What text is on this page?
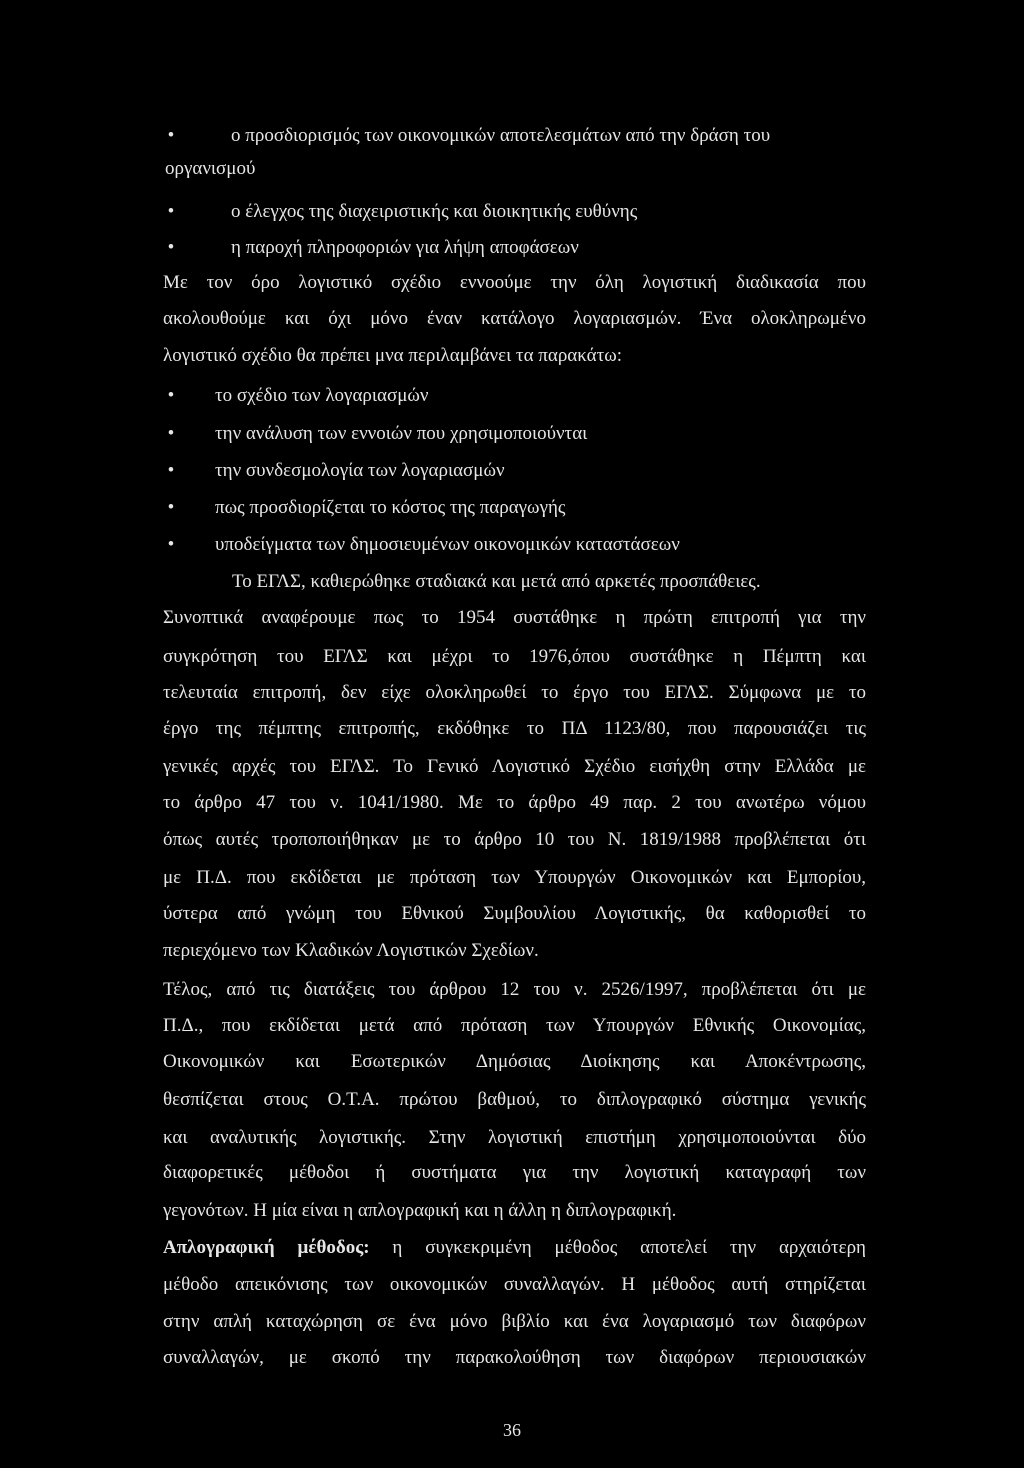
•	ο προσδιορισμός των οικονομικών αποτελεσμάτων από την δράση του
οργανισμού
•	ο έλεγχος της διαχειριστικής και διοικητικής ευθύνης
•	η παροχή πληροφοριών για λήψη αποφάσεων
Με τον όρο λογιστικό σχέδιο εννοούμε την όλη λογιστική διαδικασία που
ακολουθούμε και όχι μόνο έναν κατάλογο λογαριασμών. Ένα ολοκληρωμένο
λογιστικό σχέδιο θα πρέπει μνα περιλαμβάνει τα παρακάτω:
• το σχέδιο των λογαριασμών
• την ανάλυση των εννοιών που χρησιμοποιούνται
• την συνδεσμολογία των λογαριασμών
• πως προσδιορίζεται το κόστος της παραγωγής
• υποδείγματα των δημοσιευμένων οικονομικών καταστάσεων
Το ΕΓΛΣ, καθιερώθηκε σταδιακά και μετά από αρκετές προσπάθειες.
Συνοπτικά αναφέρουμε πως το 1954 συστάθηκε η πρώτη επιτροπή για την
συγκρότηση του ΕΓΛΣ και μέχρι το 1976,όπου συστάθηκε η Πέμπτη και
τελευταία επιτροπή, δεν είχε ολοκληρωθεί το έργο του ΕΓΛΣ. Σύμφωνα με το
έργο της πέμπτης επιτροπής, εκδόθηκε το ΠΔ 1123/80, που παρουσιάζει τις
γενικές αρχές του ΕΓΛΣ. Το Γενικό Λογιστικό Σχέδιο εισήχθη στην Ελλάδα με
το άρθρο 47 του ν. 1041/1980. Με το άρθρο 49 παρ. 2 του ανωτέρω νόμου
όπως αυτές τροποποιήθηκαν με το άρθρο 10 του Ν. 1819/1988 προβλέπεται ότι
με Π.Δ. που εκδίδεται με πρόταση των Υπουργών Οικονομικών και Εμπορίου,
ύστερα από γνώμη του Εθνικού Συμβουλίου Λογιστικής, θα καθορισθεί το
περιεχόμενο των Κλαδικών Λογιστικών Σχεδίων.
Τέλος, από τις διατάξεις του άρθρου 12 του ν. 2526/1997, προβλέπεται ότι με
Π.Δ., που εκδίδεται μετά από πρόταση των Υπουργών Εθνικής Οικονομίας,
Οικονομικών και Εσωτερικών Δημόσιας Διοίκησης και Αποκέντρωσης,
θεσπίζεται στους Ο.Τ.Α. πρώτου βαθμού, το διπλογραφικό σύστημα γενικής
και αναλυτικής λογιστικής. Στην λογιστική επιστήμη χρησιμοποιούνται δύο
διαφορετικές μέθοδοι ή συστήματα για την λογιστική καταγραφή των
γεγονότων. Η μία είναι η απλογραφική και η άλλη η διπλογραφική.
Απλογραφική μέθοδος: η συγκεκριμένη μέθοδος αποτελεί την αρχαιότερη
μέθοδο απεικόνισης των οικονομικών συναλλαγών. Η μέθοδος αυτή στηρίζεται
στην απλή καταχώρηση σε ένα μόνο βιβλίο και ένα λογαριασμό των διαφόρων
συναλλαγών, με σκοπό την παρακολούθηση των διαφόρων περιουσιακών
36
